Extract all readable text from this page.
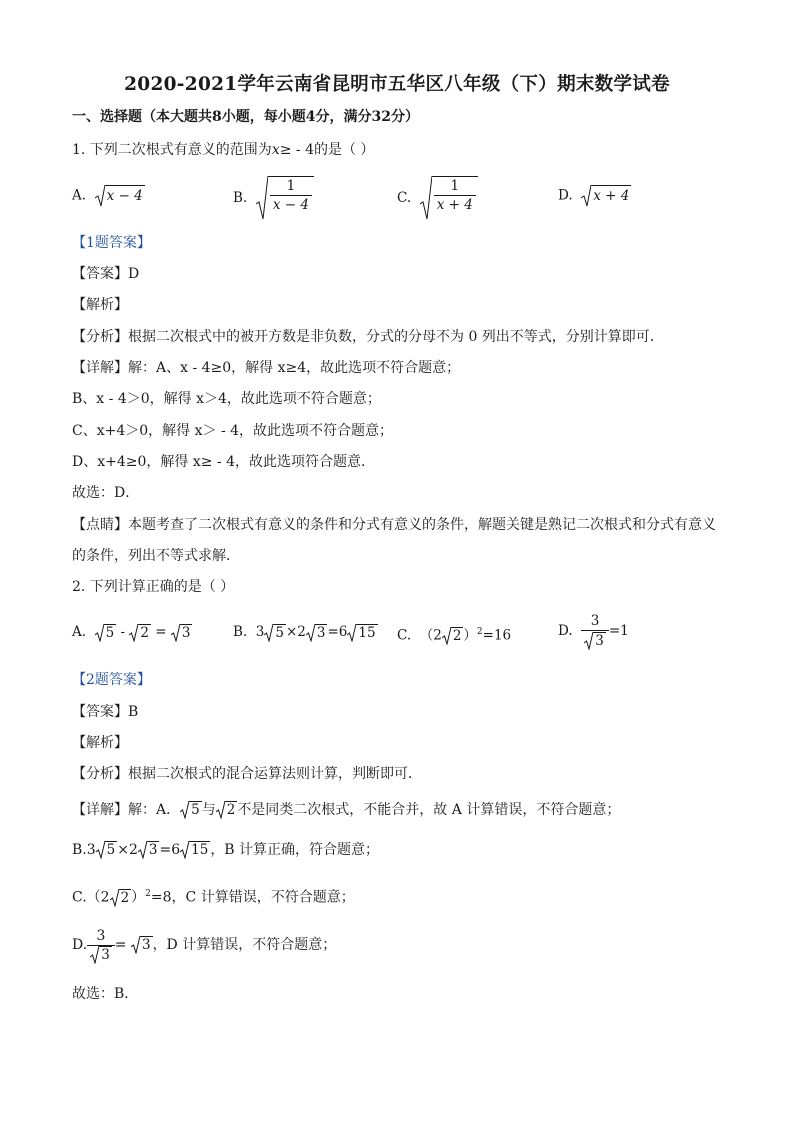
2020-2021学年云南省昆明市五华区八年级（下）期末数学试卷
一、选择题（本大题共8小题，每小题4分，满分32分）
1. 下列二次根式有意义的范围为x≥ - 4的是（ ）
A. x − 4	B. $\frac{1}{x - 4}$	C. $\frac{1}{x + 4}$	D. x + 4
【1题答案】
【答案】D
【解析】
【分析】根据二次根式中的被开方数是非负数，分式的分母不为 0 列出不等式，分别计算即可．
【详解】解：A、x - 4≥0，解得 x≥4，故此选项不符合题意；
B、x - 4＞0，解得 x＞4，故此选项不符合题意；
C、x+4＞0，解得 x＞ - 4，故此选项不符合题意；
D、x+4≥0，解得 x≥ - 4，故此选项符合题意．
故选：D．
【点睛】本题考查了二次根式有意义的条件和分式有意义的条件，解题关键是熟记二次根式和分式有意义
的条件，列出不等式求解．
2. 下列计算正确的是（ ）
A. 5 - 2 = 3	B.  3 5 ×2 3 =6 15 C.  （2 2 ）$^2$=16	D. $\frac{3}{3} =1$
【2题答案】
【答案】B
【解析】
【分析】根据二次根式的混合运算法则计算，判断即可．
【详解】解：A． 5 与 2 不是同类二次根式，不能合并，故 A 计算错误，不符合题意；
B.3 5 ×2 3 =6 15 ，B 计算正确，符合题意；
C.（2 2 ）$^2$=8，C 计算错误，不符合题意；
D. $\frac{3}{3} = 3$ ，D 计算错误，不符合题意；
故选：B．
